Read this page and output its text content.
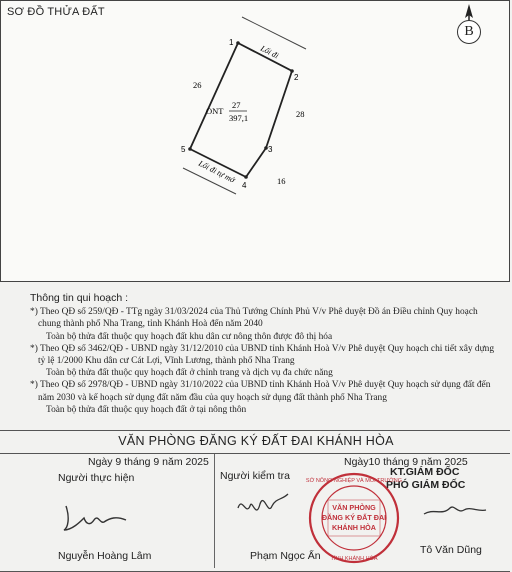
SƠ ĐỒ THỬA ĐẤT
1
2
3
4
5
Lối đi
Lối đi tự mở
ONT
27
397,1
26
28
16
B
Thông tin qui hoạch :
*) Theo QĐ số 259/QĐ - TTg ngày 31/03/2024 của Thủ Tướng Chính Phủ V/v Phê duyệt Đồ án Điều chỉnh Quy hoạch
chung thành phố Nha Trang, tỉnh Khánh Hoà đến năm 2040
Toàn bộ thửa đất thuộc quy hoạch đất khu dân cư nông thôn được đô thị hóa
*) Theo QĐ số 3462/QĐ - UBND ngày 31/12/2010 của UBND tỉnh Khánh Hoà V/v Phê duyệt Quy hoạch chi tiết xây dựng
tỷ lệ 1/2000 Khu dân cư Cát Lợi, Vĩnh Lương, thành phố Nha Trang
Toàn bộ thửa đất thuộc quy hoạch đất ở chỉnh trang và dịch vụ đa chức năng
*) Theo QĐ số 2978/QĐ - UBND ngày 31/10/2022 của UBND tỉnh Khánh Hoà V/v Phê duyệt Quy hoạch sử dụng đất đến
năm 2030 và kế hoạch sử dụng đất năm đầu của quy hoạch sử dụng đất thành phố Nha Trang
Toàn bộ thửa đất thuộc quy hoạch đất ở tại nông thôn
VĂN PHÒNG ĐĂNG KÝ ĐẤT ĐAI KHÁNH HÒA
Ngày 9 tháng 9 năm 2025	Ngày10 tháng 9 năm 2025
Người thực hiện	Người kiểm tra	KT.GIÁM ĐỐC
PHÓ GIÁM ĐỐC
VĂN PHÒNG
ĐĂNG KÝ ĐẤT ĐAI
KHÁNH HÒA
SỞ NÔNG NGHIỆP VÀ MÔI TRƯỜNG
TỈNH KHÁNH HÒA
Nguyễn Hoàng Lâm	Phạm Ngọc Ẩn	Tô Văn Dũng
